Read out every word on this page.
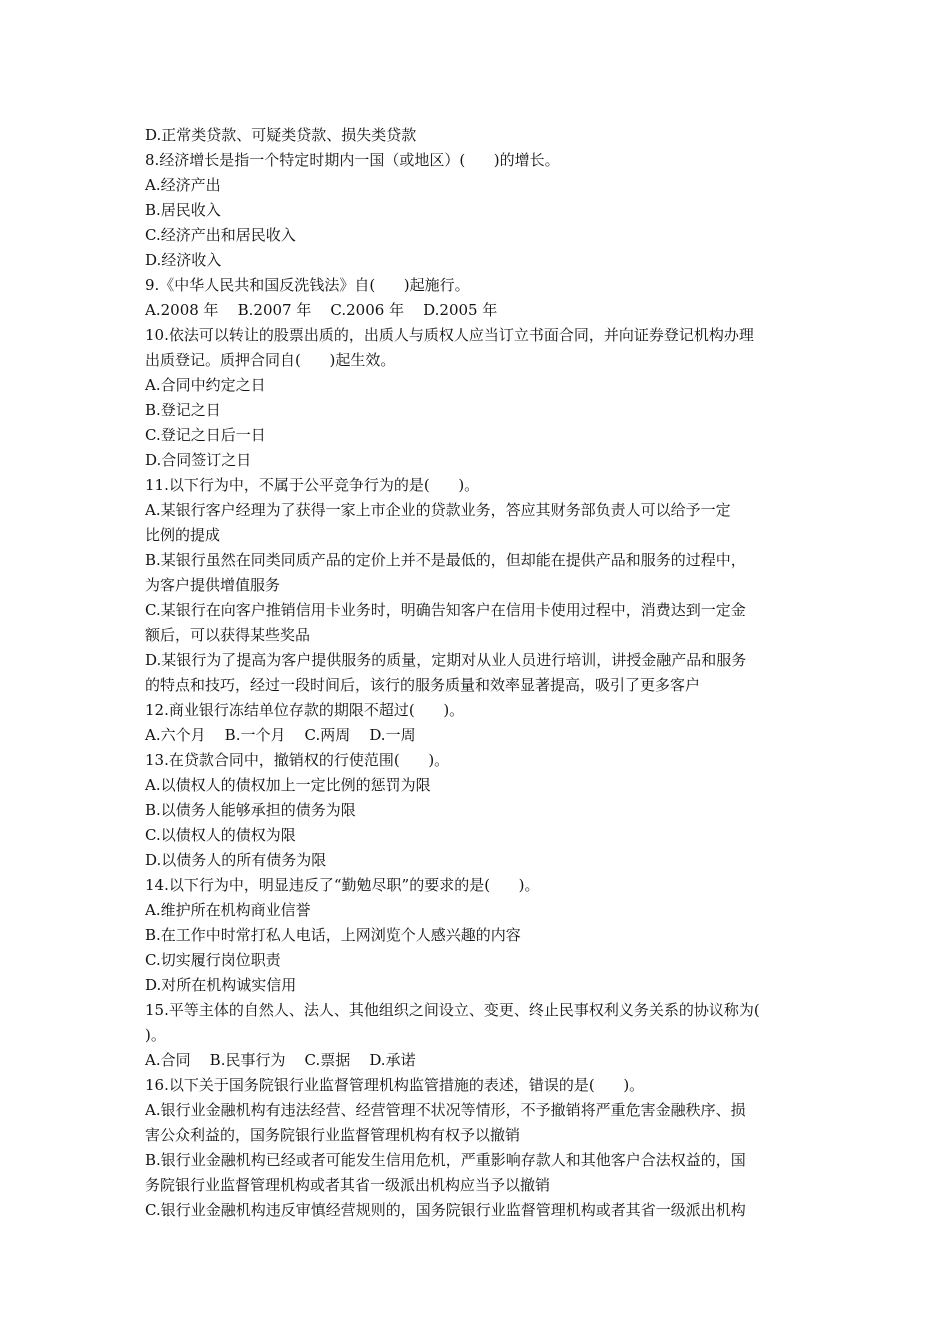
D.正常类贷款、可疑类贷款、损失类贷款
8.经济增长是指一个特定时期内一国（或地区）(      )的增长。
A.经济产出
B.居民收入
C.经济产出和居民收入
D.经济收入
9.《中华人民共和国反洗钱法》自(      )起施行。
A.2008 年    B.2007 年    C.2006 年    D.2005 年
10.依法可以转让的股票出质的，出质人与质权人应当订立书面合同，并向证券登记机构办理
出质登记。质押合同自(      )起生效。
A.合同中约定之日
B.登记之日
C.登记之日后一日
D.合同签订之日
11.以下行为中，不属于公平竞争行为的是(      )。
A.某银行客户经理为了获得一家上市企业的贷款业务，答应其财务部负责人可以给予一定
比例的提成
B.某银行虽然在同类同质产品的定价上并不是最低的，但却能在提供产品和服务的过程中，
为客户提供增值服务
C.某银行在向客户推销信用卡业务时，明确告知客户在信用卡使用过程中，消费达到一定金
额后，可以获得某些奖品
D.某银行为了提高为客户提供服务的质量，定期对从业人员进行培训，讲授金融产品和服务
的特点和技巧，经过一段时间后，该行的服务质量和效率显著提高，吸引了更多客户
12.商业银行冻结单位存款的期限不超过(      )。
A.六个月    B.一个月    C.两周    D.一周
13.在贷款合同中，撤销权的行使范围(      )。
A.以债权人的债权加上一定比例的惩罚为限
B.以债务人能够承担的债务为限
C.以债权人的债权为限
D.以债务人的所有债务为限
14.以下行为中，明显违反了“勤勉尽职”的要求的是(      )。
A.维护所在机构商业信誉
B.在工作中时常打私人电话，上网浏览个人感兴趣的内容
C.切实履行岗位职责
D.对所在机构诚实信用
15.平等主体的自然人、法人、其他组织之间设立、变更、终止民事权利义务关系的协议称为(
)。
A.合同    B.民事行为    C.票据    D.承诺
16.以下关于国务院银行业监督管理机构监管措施的表述，错误的是(      )。
A.银行业金融机构有违法经营、经营管理不状况等情形，不予撤销将严重危害金融秩序、损
害公众利益的，国务院银行业监督管理机构有权予以撤销
B.银行业金融机构已经或者可能发生信用危机，严重影响存款人和其他客户合法权益的，国
务院银行业监督管理机构或者其省一级派出机构应当予以撤销
C.银行业金融机构违反审慎经营规则的，国务院银行业监督管理机构或者其省一级派出机构
